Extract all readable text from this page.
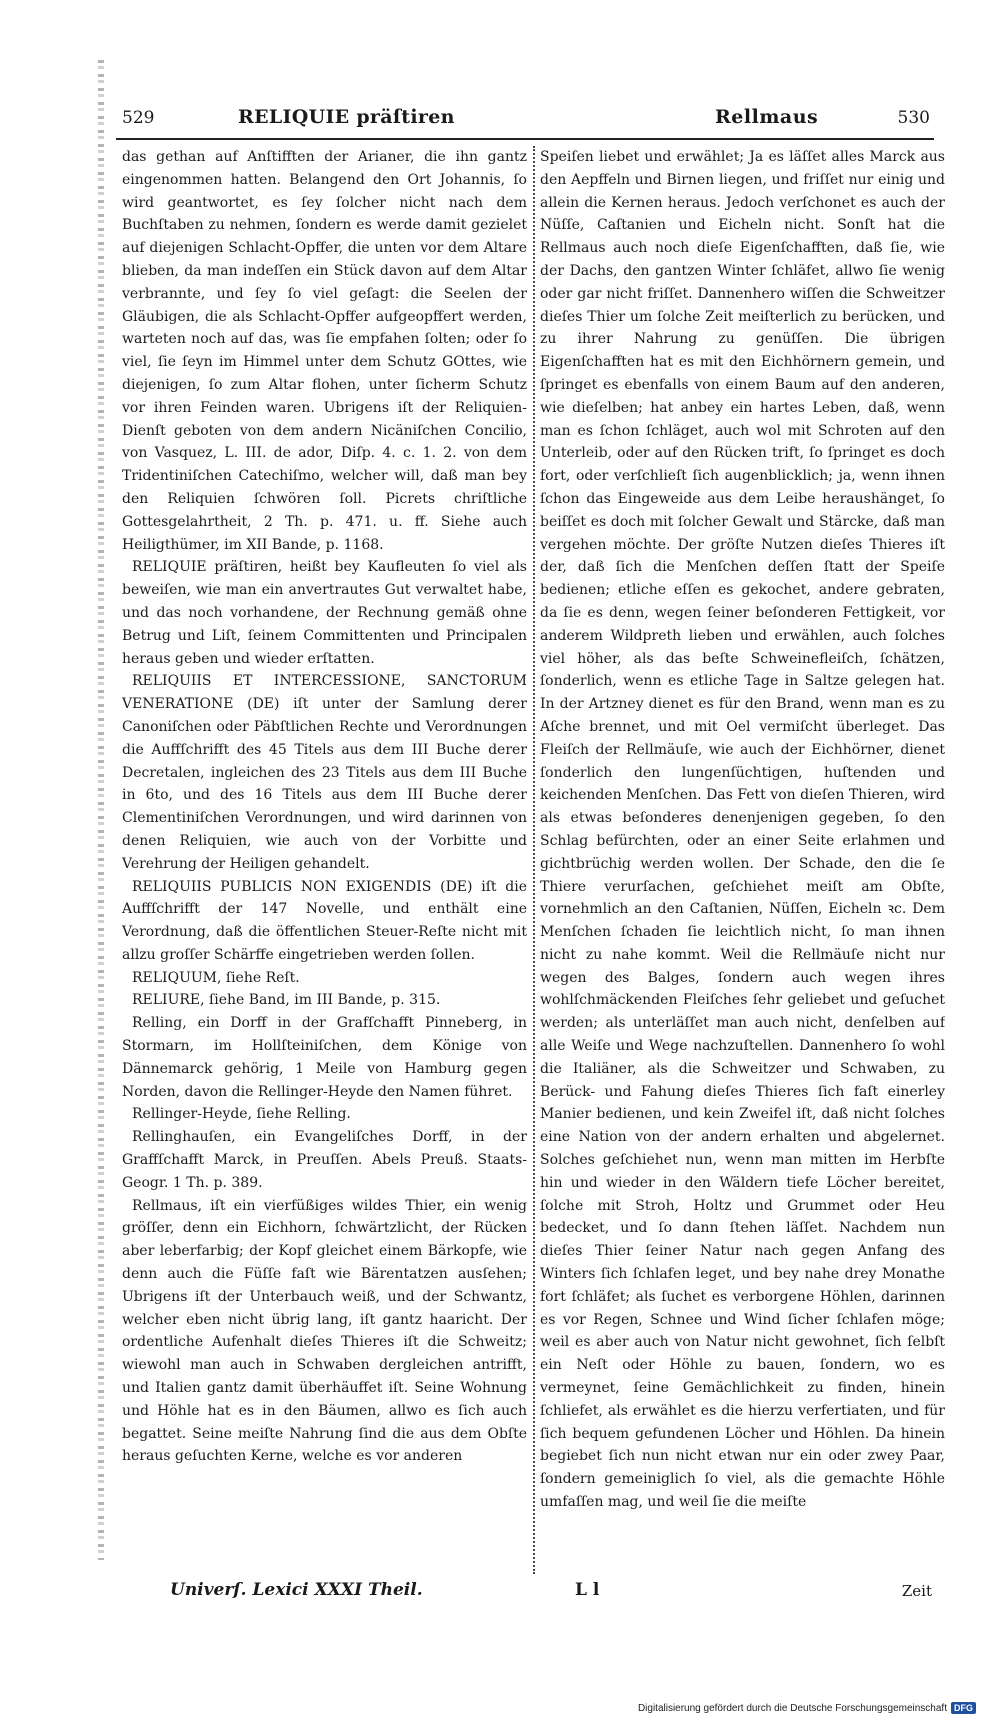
529	RELIQUIE präſtiren	Rellmaus	530

das gethan auf Anſtifften der Arianer, die ihn gantz eingenommen hatten. Belangend den Ort Johannis, ſo wird geantwortet, es ſey ſolcher nicht nach dem Buchſtaben zu nehmen, ſondern es werde damit gezielet auf diejenigen Schlacht-Opffer, die unten vor dem Altare blieben, da man indeſſen ein Stück davon auf dem Altar verbrannte, und ſey ſo viel geſagt: die Seelen der Gläubigen, die als Schlacht-Opffer aufgeopffert werden, warteten noch auf das, was ſie empfahen ſolten; oder ſo viel, ſie ſeyn im Himmel unter dem Schutz GOttes, wie diejenigen, ſo zum Altar flohen, unter ſicherm Schutz vor ihren Feinden waren. Ubrigens iſt der Reliquien-Dienſt geboten von dem andern Nicäniſchen Concilio, von Vasquez, L. III. de ador, Diſp. 4. c. 1. 2. von dem Tridentiniſchen Catechiſmo, welcher will, daß man bey den Reliquien ſchwören ſoll. Picrets chriſtliche Gottesgelahrtheit, 2 Th. p. 471. u. ff. Siehe auch Heiligthümer, im XII Bande, p. 1168.

RELIQUIE präſtiren, heißt bey Kaufleuten ſo viel als beweiſen, wie man ein anvertrautes Gut verwaltet habe, und das noch vorhandene, der Rechnung gemäß ohne Betrug und Liſt, ſeinem Committenten und Principalen heraus geben und wieder erſtatten.

RELIQUIIS ET INTERCESSIONE, SANCTORUM VENERATIONE (DE) iſt unter der Samlung derer Canoniſchen oder Päbſtlichen Rechte und Verordnungen die Auffſchrifft des 45 Titels aus dem III Buche derer Decretalen, ingleichen des 23 Titels aus dem III Buche in 6to, und des 16 Titels aus dem III Buche derer Clementiniſchen Verordnungen, und wird darinnen von denen Reliquien, wie auch von der Vorbitte und Verehrung der Heiligen gehandelt.

RELIQUIIS PUBLICIS NON EXIGENDIS (DE) iſt die Auffſchrifft der 147 Novelle, und enthält eine Verordnung, daß die öffentlichen Steuer-Reſte nicht mit allzu groſſer Schärffe eingetrieben werden ſollen.

RELIQUUM, ſiehe Reſt.

RELIURE, ſiehe Band, im III Bande, p. 315.

Relling, ein Dorff in der Grafſchafft Pinneberg, in Stormarn, im Hollſteiniſchen, dem Könige von Dännemarck gehörig, 1 Meile von Hamburg gegen Norden, davon die Rellinger-Heyde den Namen führet.

Rellinger-Heyde, ſiehe Relling.

Rellinghauſen, ein Evangeliſches Dorff, in der Graffſchafft Marck, in Preuſſen. Abels Preuß. Staats-Geogr. 1 Th. p. 389.

Rellmaus, iſt ein vierfüßiges wildes Thier, ein wenig gröſſer, denn ein Eichhorn, ſchwärtzlicht, der Rücken aber leberfarbig; der Kopf gleichet einem Bärkopfe, wie denn auch die Füſſe faſt wie Bärentatzen ausſehen; Ubrigens iſt der Unterbauch weiß, und der Schwantz, welcher eben nicht übrig lang, iſt gantz haaricht. Der ordentliche Aufenhalt dieſes Thieres iſt die Schweitz; wiewohl man auch in Schwaben dergleichen antrifft, und Italien gantz damit überhäuffet iſt. Seine Wohnung und Höhle hat es in den Bäumen, allwo es ſich auch begattet. Seine meiſte Nahrung ſind die aus dem Obſte heraus geſuchten Kerne, welche es vor anderen

Speiſen liebet und erwählet; Ja es läſſet alles Marck aus den Aepffeln und Birnen liegen, und friſſet nur einig und allein die Kernen heraus. Jedoch verſchonet es auch der Nüſſe, Caſtanien und Eicheln nicht. Sonſt hat die Rellmaus auch noch dieſe Eigenſchafften, daß ſie, wie der Dachs, den gantzen Winter ſchläfet, allwo ſie wenig oder gar nicht friſſet. Dannenhero wiſſen die Schweitzer dieſes Thier um ſolche Zeit meiſterlich zu berücken, und zu ihrer Nahrung zu genüſſen. Die übrigen Eigenſchafften hat es mit den Eichhörnern gemein, und ſpringet es ebenfalls von einem Baum auf den anderen, wie dieſelben; hat anbey ein hartes Leben, daß, wenn man es ſchon ſchläget, auch wol mit Schroten auf den Unterleib, oder auf den Rücken trift, ſo ſpringet es doch fort, oder verſchlieſt ſich augenblicklich; ja, wenn ihnen ſchon das Eingeweide aus dem Leibe heraushänget, ſo beiſſet es doch mit ſolcher Gewalt und Stärcke, daß man vergehen möchte. Der gröſte Nutzen dieſes Thieres iſt der, daß ſich die Menſchen deſſen ſtatt der Speiſe bedienen; etliche eſſen es gekochet, andere gebraten, da ſie es denn, wegen ſeiner beſonderen Fettigkeit, vor anderem Wildpreth lieben und erwählen, auch ſolches viel höher, als das beſte Schweinefleiſch, ſchätzen, ſonderlich, wenn es etliche Tage in Saltze gelegen hat. In der Artzney dienet es für den Brand, wenn man es zu Aſche brennet, und mit Oel vermiſcht überleget. Das Fleiſch der Rellmäuſe, wie auch der Eichhörner, dienet ſonderlich den lungenſüchtigen, huſtenden und keichenden Menſchen. Das Fett von dieſen Thieren, wird als etwas beſonderes denenjenigen gegeben, ſo den Schlag befürchten, oder an einer Seite erlahmen und gichtbrüchig werden wollen. Der Schade, den die ſe Thiere verurſachen, geſchiehet meiſt am Obſte, vornehmlich an den Caſtanien, Nüſſen, Eicheln ꝛc. Dem Menſchen ſchaden ſie leichtlich nicht, ſo man ihnen nicht zu nahe kommt. Weil die Rellmäuſe nicht nur wegen des Balges, ſondern auch wegen ihres wohlſchmäckenden Fleiſches ſehr geliebet und geſuchet werden; als unterläſſet man auch nicht, denſelben auf alle Weiſe und Wege nachzuſtellen. Dannenhero ſo wohl die Italiäner, als die Schweitzer und Schwaben, zu Berück- und Fahung dieſes Thieres ſich faſt einerley Manier bedienen, und kein Zweifel iſt, daß nicht ſolches eine Nation von der andern erhalten und abgelernet. Solches geſchiehet nun, wenn man mitten im Herbſte hin und wieder in den Wäldern tiefe Löcher bereitet, ſolche mit Stroh, Holtz und Grummet oder Heu bedecket, und ſo dann ſtehen läſſet. Nachdem nun dieſes Thier ſeiner Natur nach gegen Anfang des Winters ſich ſchlafen leget, und bey nahe drey Monathe fort ſchläfet; als ſuchet es verborgene Höhlen, darinnen es vor Regen, Schnee und Wind ſicher ſchlafen möge; weil es aber auch von Natur nicht gewohnet, ſich ſelbſt ein Neſt oder Höhle zu bauen, ſondern, wo es vermeynet, ſeine Gemächlichkeit zu finden, hinein ſchliefet, als erwählet es die hierzu verfertiaten, und für ſich bequem gefundenen Löcher und Höhlen. Da hinein begiebet ſich nun nicht etwan nur ein oder zwey Paar, ſondern gemeiniglich ſo viel, als die gemachte Höhle umfaſſen mag, und weil ſie die meiſte

Univerſ. Lexici XXXI Theil.	L l	Zeit
Digitalisierung gefördert durch die Deutsche Forschungsgemeinschaft DFG
